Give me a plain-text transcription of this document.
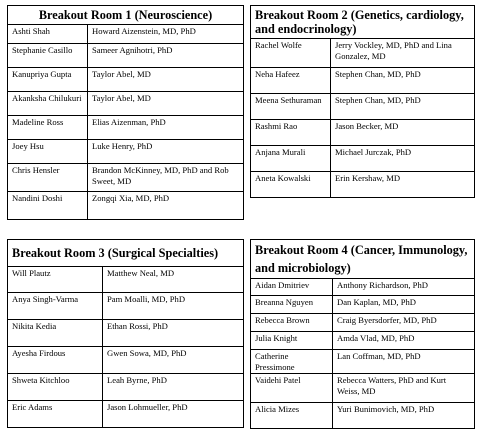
Breakout Room 1 (Neuroscience)	
Ashti Shah	Howard Aizenstein, MD, PhD
Stephanie Casillo	Sameer Agnihotri, PhD
Kanupriya Gupta	Taylor Abel, MD
Akanksha Chilukuri	Taylor Abel, MD
Madeline Ross	Elias Aizenman, PhD
Joey Hsu	Luke Henry, PhD
Chris Hensler	Brandon McKinney, MD, PhD and Rob Sweet, MD
Nandini Doshi	Zongqi Xia, MD, PhD
Breakout Room 2 (Genetics, cardiology, and endocrinology)	
Rachel Wolfe	Jerry Vockley, MD, PhD and Lina Gonzalez, MD
Neha Hafeez	Stephen Chan, MD, PhD
Meena Sethuraman	Stephen Chan, MD, PhD
Rashmi Rao	Jason Becker, MD
Anjana Murali	Michael Jurczak, PhD
Aneta Kowalski	Erin Kershaw, MD
Breakout Room 3 (Surgical Specialties)	
Will Plautz	Matthew Neal, MD
Anya Singh-Varma	Pam Moalli, MD, PhD
Nikita Kedia	Ethan Rossi, PhD
Ayesha Firdous	Gwen Sowa, MD, PhD
Shweta Kitchloo	Leah Byrne, PhD
Eric Adams	Jason Lohmueller, PhD
Breakout Room 4 (Cancer, Immunology, and microbiology)	
Aidan Dmitriev	Anthony Richardson, PhD
Breanna Nguyen	Dan Kaplan, MD, PhD
Rebecca Brown	Craig Byersdorfer, MD, PhD
Julia Knight	Amda Vlad, MD, PhD
Catherine Pressimone	Lan Coffman, MD, PhD
Vaidehi Patel	Rebecca Watters, PhD and Kurt Weiss, MD
Alicia Mizes	Yuri Bunimovich, MD, PhD
